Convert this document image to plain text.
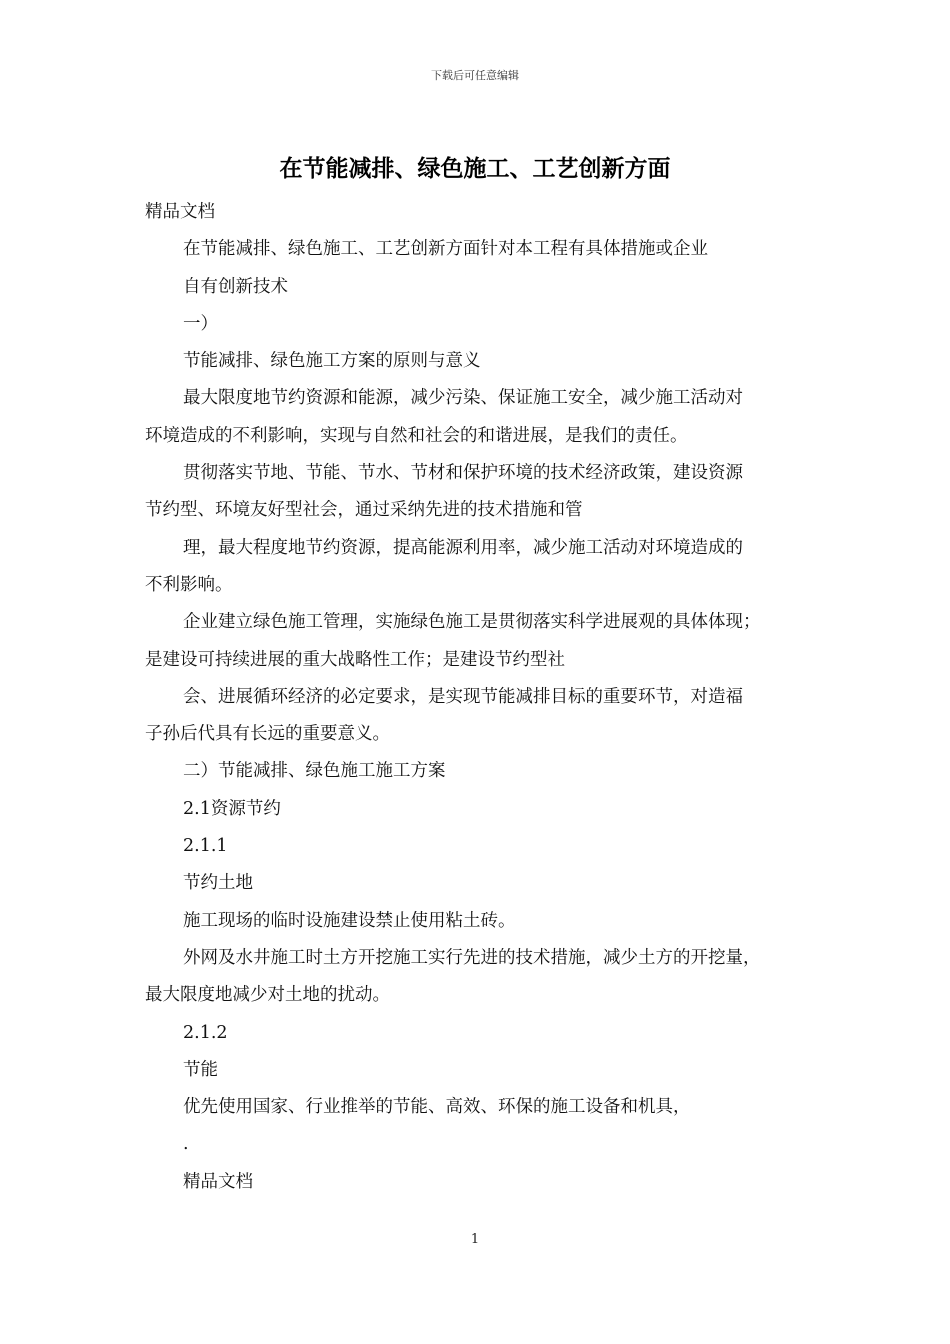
下载后可任意编辑
在节能减排、绿色施工、工艺创新方面

精品文档

在节能减排、绿色施工、工艺创新方面针对本工程有具体措施或企业

自有创新技术

一）

节能减排、绿色施工方案的原则与意义

最大限度地节约资源和能源，减少污染、保证施工安全，减少施工活动对

环境造成的不利影响，实现与自然和社会的和谐进展，是我们的责任。

贯彻落实节地、节能、节水、节材和保护环境的技术经济政策，建设资源

节约型、环境友好型社会，通过采纳先进的技术措施和管

理，最大程度地节约资源，提高能源利用率，减少施工活动对环境造成的

不利影响。

企业建立绿色施工管理，实施绿色施工是贯彻落实科学进展观的具体体现；

是建设可持续进展的重大战略性工作；是建设节约型社

会、进展循环经济的必定要求，是实现节能减排目标的重要环节，对造福

子孙后代具有长远的重要意义。

二）节能减排、绿色施工施工方案

2.1资源节约

2.1.1

节约土地

施工现场的临时设施建设禁止使用粘土砖。

外网及水井施工时土方开挖施工实行先进的技术措施，减少土方的开挖量，

最大限度地减少对土地的扰动。

2.1.2

节能

优先使用国家、行业推举的节能、高效、环保的施工设备和机具，

.

精品文档

1
